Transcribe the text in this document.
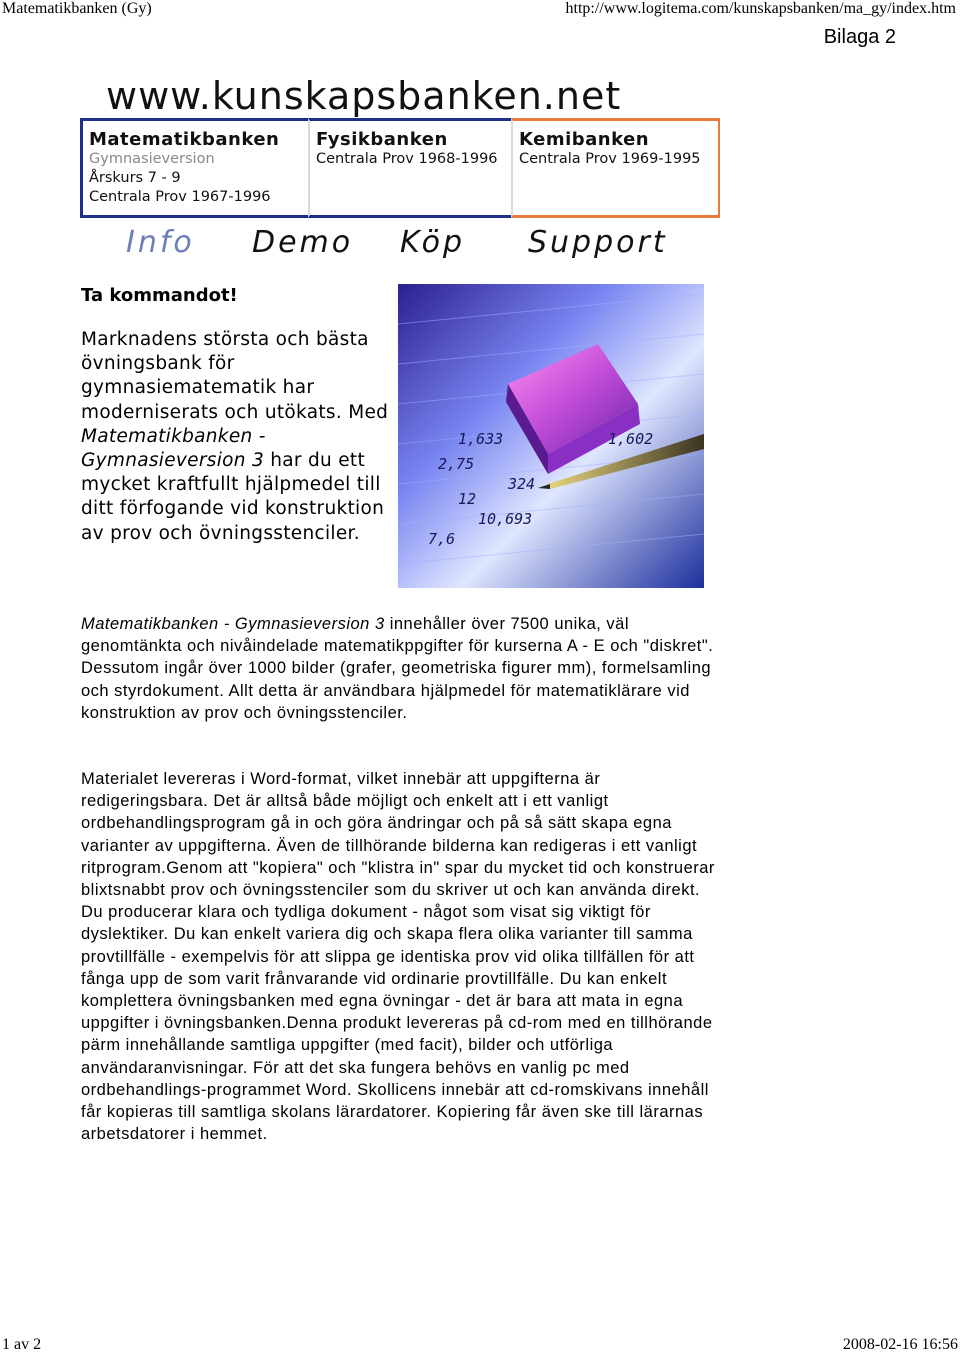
Matematikbanken (Gy)	http://www.logitema.com/kunskapsbanken/ma_gy/index.htm
Bilaga 2
www.kunskapsbanken.net
Matematikbanken
Gymnasieversion
Årskurs 7 - 9
Centrala Prov 1967-1996
Fysikbanken
Centrala Prov 1968-1996
Kemibanken
Centrala Prov 1969-1995
Info	Demo	Köp	Support

Ta kommandot!

Marknadens största och bästa övningsbank för gymnasiematematik har moderniserats och utökats. Med Matematikbanken - Gymnasieversion 3 har du ett mycket kraftfullt hjälpmedel till ditt förfogande vid konstruktion av prov och övningsstenciler.
1,633
2,75
1,602
324
12
10,693
7,6

Matematikbanken - Gymnasieversion 3 innehåller över 7500 unika, väl genomtänkta och nivåindelade matematikppgifter för kurserna A - E och "diskret". Dessutom ingår över 1000 bilder (grafer, geometriska figurer mm), formelsamling och styrdokument. Allt detta är användbara hjälpmedel för matematiklärare vid konstruktion av prov och övningsstenciler.

Materialet levereras i Word-format, vilket innebär att uppgifterna är redigeringsbara. Det är alltså både möjligt och enkelt att i ett vanligt ordbehandlingsprogram gå in och göra ändringar och på så sätt skapa egna varianter av uppgifterna. Även de tillhörande bilderna kan redigeras i ett vanligt ritprogram.Genom att "kopiera" och "klistra in" spar du mycket tid och konstruerar blixtsnabbt prov och övningsstenciler som du skriver ut och kan använda direkt. Du producerar klara och tydliga dokument - något som visat sig viktigt för dyslektiker. Du kan enkelt variera dig och skapa flera olika varianter till samma provtillfälle - exempelvis för att slippa ge identiska prov vid olika tillfällen för att fånga upp de som varit frånvarande vid ordinarie provtillfälle. Du kan enkelt komplettera övningsbanken med egna övningar - det är bara att mata in egna uppgifter i övningsbanken.Denna produkt levereras på cd-rom med en tillhörande pärm innehållande samtliga uppgifter (med facit), bilder och utförliga användaranvisningar. För att det ska fungera behövs en vanlig pc med ordbehandlings-programmet Word. Skollicens innebär att cd-romskivans innehåll får kopieras till samtliga skolans lärardatorer. Kopiering får även ske till lärarnas arbetsdatorer i hemmet.

1 av 2	2008-02-16 16:56
